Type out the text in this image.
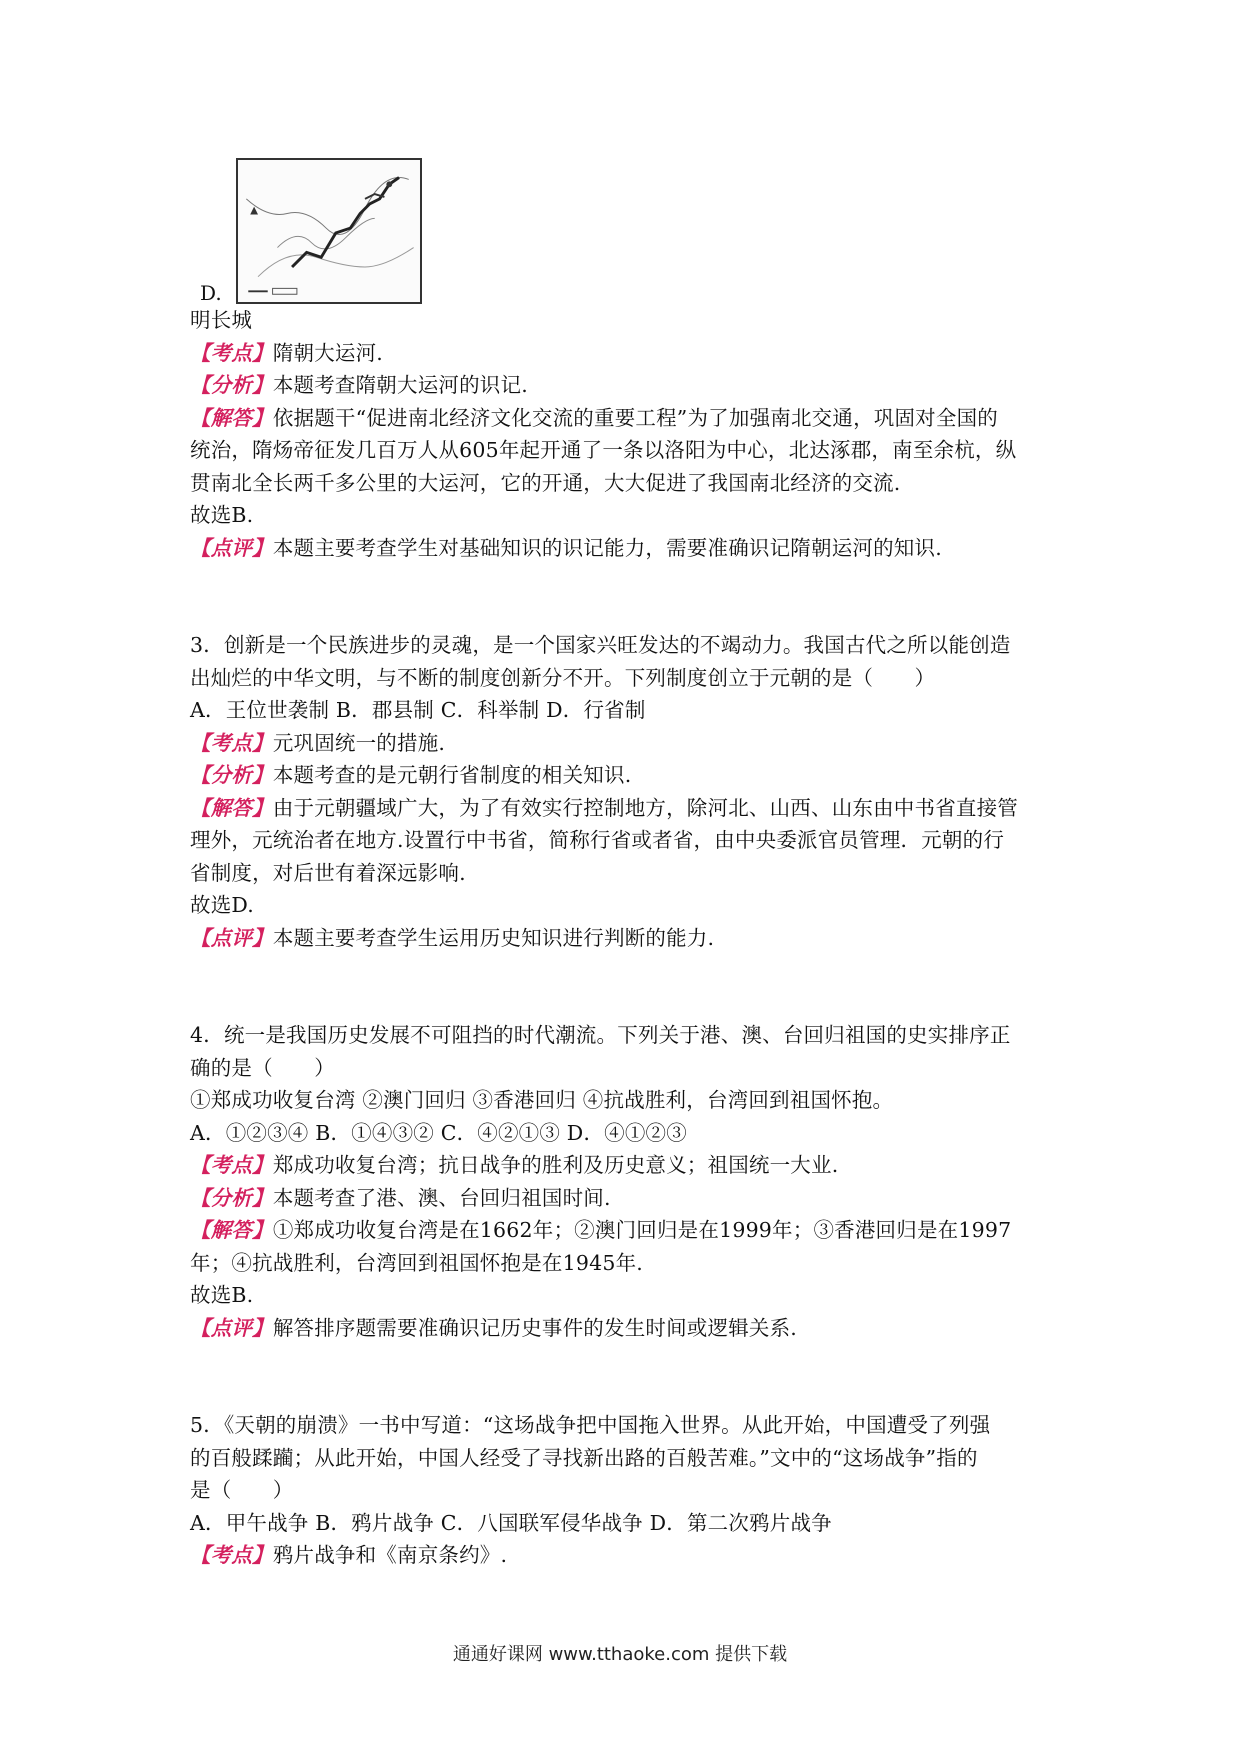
D.
明长城
【考点】隋朝大运河.
【分析】本题考查隋朝大运河的识记.
【解答】依据题干“促进南北经济文化交流的重要工程”为了加强南北交通，巩固对全国的
统治，隋炀帝征发几百万人从605年起开通了一条以洛阳为中心，北达涿郡，南至余杭，纵
贯南北全长两千多公里的大运河，它的开通，大大促进了我国南北经济的交流.
故选B.
【点评】本题主要考查学生对基础知识的识记能力，需要准确识记隋朝运河的知识.
3．创新是一个民族进步的灵魂，是一个国家兴旺发达的不竭动力。我国古代之所以能创造
出灿烂的中华文明，与不断的制度创新分不开。下列制度创立于元朝的是（　　）
A．王位世袭制 B．郡县制 C．科举制 D．行省制
【考点】元巩固统一的措施.
【分析】本题考查的是元朝行省制度的相关知识.
【解答】由于元朝疆域广大，为了有效实行控制地方，除河北、山西、山东由中书省直接管
理外，元统治者在地方.设置行中书省，简称行省或者省，由中央委派官员管理．元朝的行
省制度，对后世有着深远影响.
故选D.
【点评】本题主要考查学生运用历史知识进行判断的能力.
4．统一是我国历史发展不可阻挡的时代潮流。下列关于港、澳、台回归祖国的史实排序正
确的是（　　）
①郑成功收复台湾 ②澳门回归 ③香港回归 ④抗战胜利，台湾回到祖国怀抱。
A．①②③④ B．①④③② C．④②①③ D．④①②③
【考点】郑成功收复台湾；抗日战争的胜利及历史意义；祖国统一大业.
【分析】本题考查了港、澳、台回归祖国时间.
【解答】①郑成功收复台湾是在1662年；②澳门回归是在1999年；③香港回归是在1997
年；④抗战胜利，台湾回到祖国怀抱是在1945年.
故选B.
【点评】解答排序题需要准确识记历史事件的发生时间或逻辑关系.
5．《天朝的崩溃》一书中写道：“这场战争把中国拖入世界。从此开始，中国遭受了列强
的百般蹂躏；从此开始，中国人经受了寻找新出路的百般苦难。”文中的“这场战争”指的
是（　　）
A．甲午战争 B．鸦片战争 C．八国联军侵华战争 D．第二次鸦片战争
【考点】鸦片战争和《南京条约》.
通通好课网 www.tthaoke.com 提供下载
